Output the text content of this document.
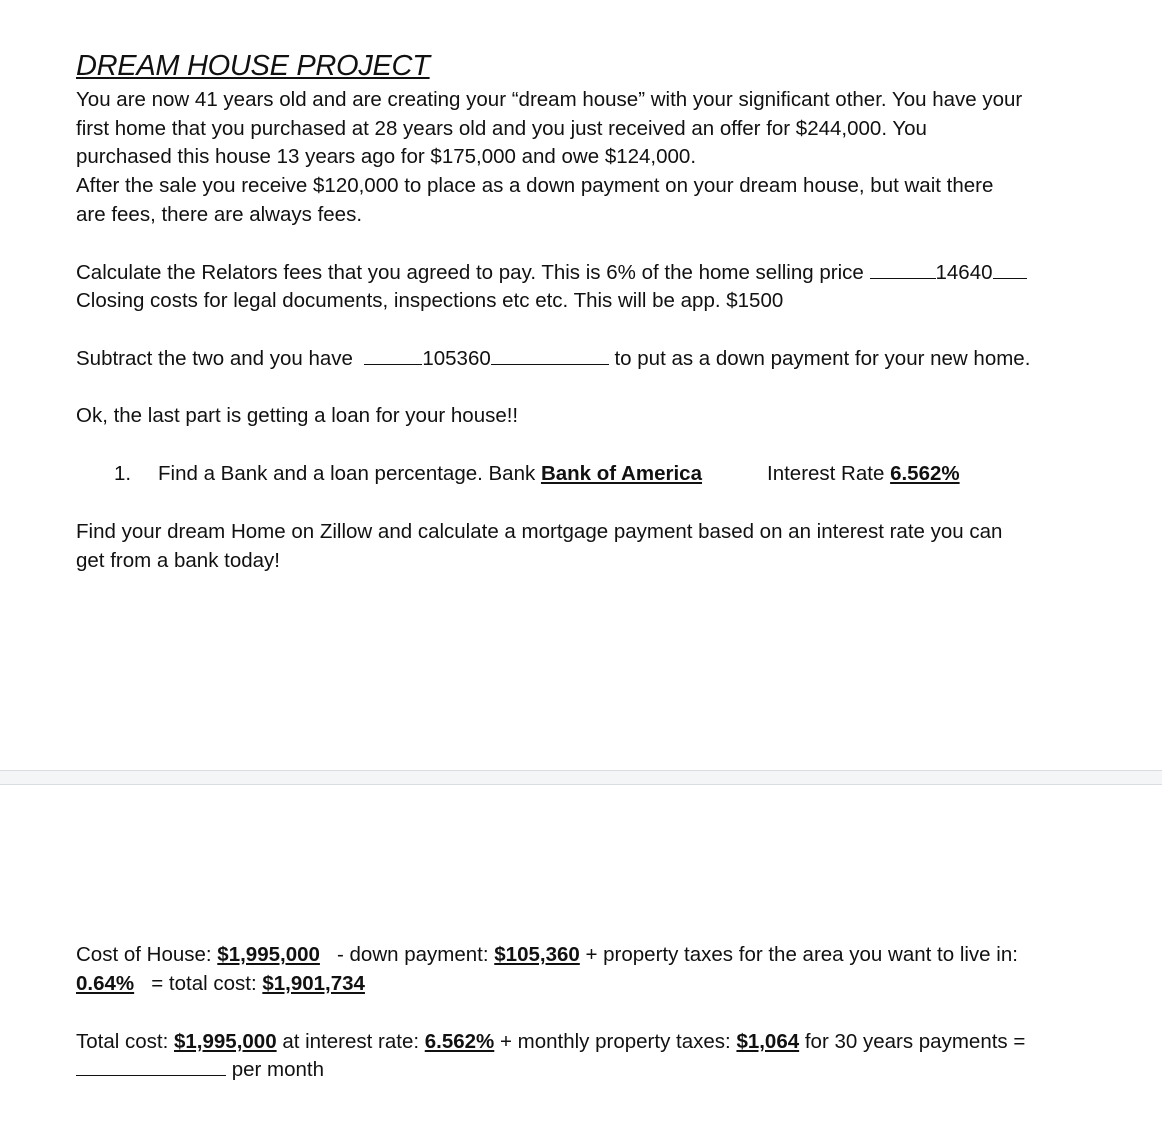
DREAM HOUSE PROJECT
You are now 41 years old and are creating your “dream house” with your significant other. You have your
first home that you purchased at 28 years old and you just received an offer for $244,000. You
purchased this house 13 years ago for $175,000 and owe $124,000.
After the sale you receive $120,000 to place as a down payment on your dream house, but wait there
are fees, there are always fees.
Calculate the Relators fees that you agreed to pay. This is 6% of the home selling price	14640
Closing costs for legal documents, inspections etc etc. This will be app. $1500
Subtract the two and you have	105360	to put as a down payment for your new home.
Ok, the last part is getting a loan for your house!!
1. Find a Bank and a loan percentage. Bank Bank of America	Interest Rate 6.562%
Find your dream Home on Zillow and calculate a mortgage payment based on an interest rate you can
get from a bank today!
Cost of House: $1,995,000   - down payment: $105,360 + property taxes for the area you want to live in:
0.64% = total cost: $1,901,734
Total cost: $1,995,000 at interest rate: 6.562% + monthly property taxes: $1,064 for 30 years payments =
per month
